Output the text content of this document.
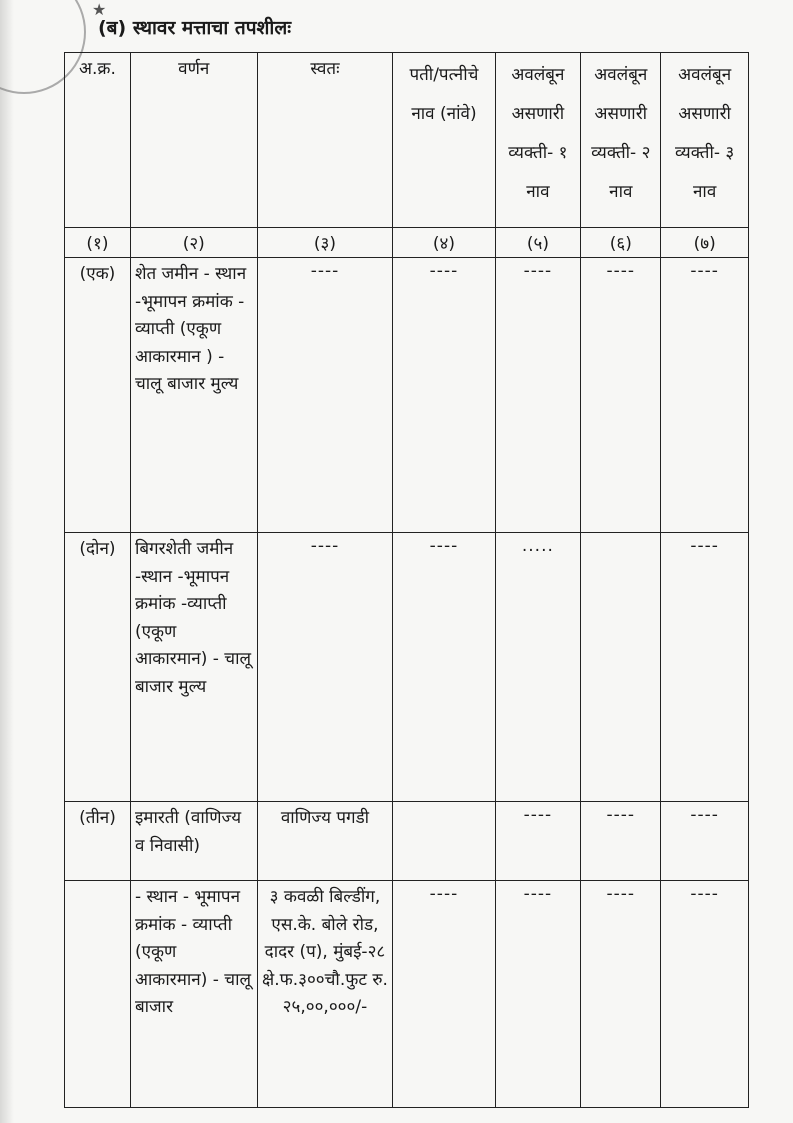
★
(ब) स्थावर मत्ताचा तपशीलः
अ.क्र.	वर्णन	स्वतः	पती/पत्नीचे नाव (नांवे)	अवलंबून असणारी व्यक्ती- १ नाव	अवलंबून असणारी व्यक्ती- २ नाव	अवलंबून असणारी व्यक्ती- ३ नाव
(१)	(२)	(३)	(४)	(५)	(६)	(७)
(एक)	शेत जमीन - स्थान -भूमापन क्रमांक - व्याप्ती (एकूण आकारमान ) - चालू बाजार मुल्य	----	----	----	----	----
(दोन)	बिगरशेती जमीन -स्थान -भूमापन क्रमांक -व्याप्ती (एकूण आकारमान) - चालू बाजार मुल्य	----	----	.....		----
(तीन)	इमारती (वाणिज्य व निवासी)	वाणिज्य पगडी		----	----	----
	- स्थान - भूमापन क्रमांक - व्याप्ती (एकूण आकारमान) - चालू बाजार	३ कवळी बिल्डींग, एस.के. बोले रोड, दादर (प), मुंबई-२८ क्षे.फ.३००चौ.फुट रु. २५,००,०००/-	----	----	----	----
